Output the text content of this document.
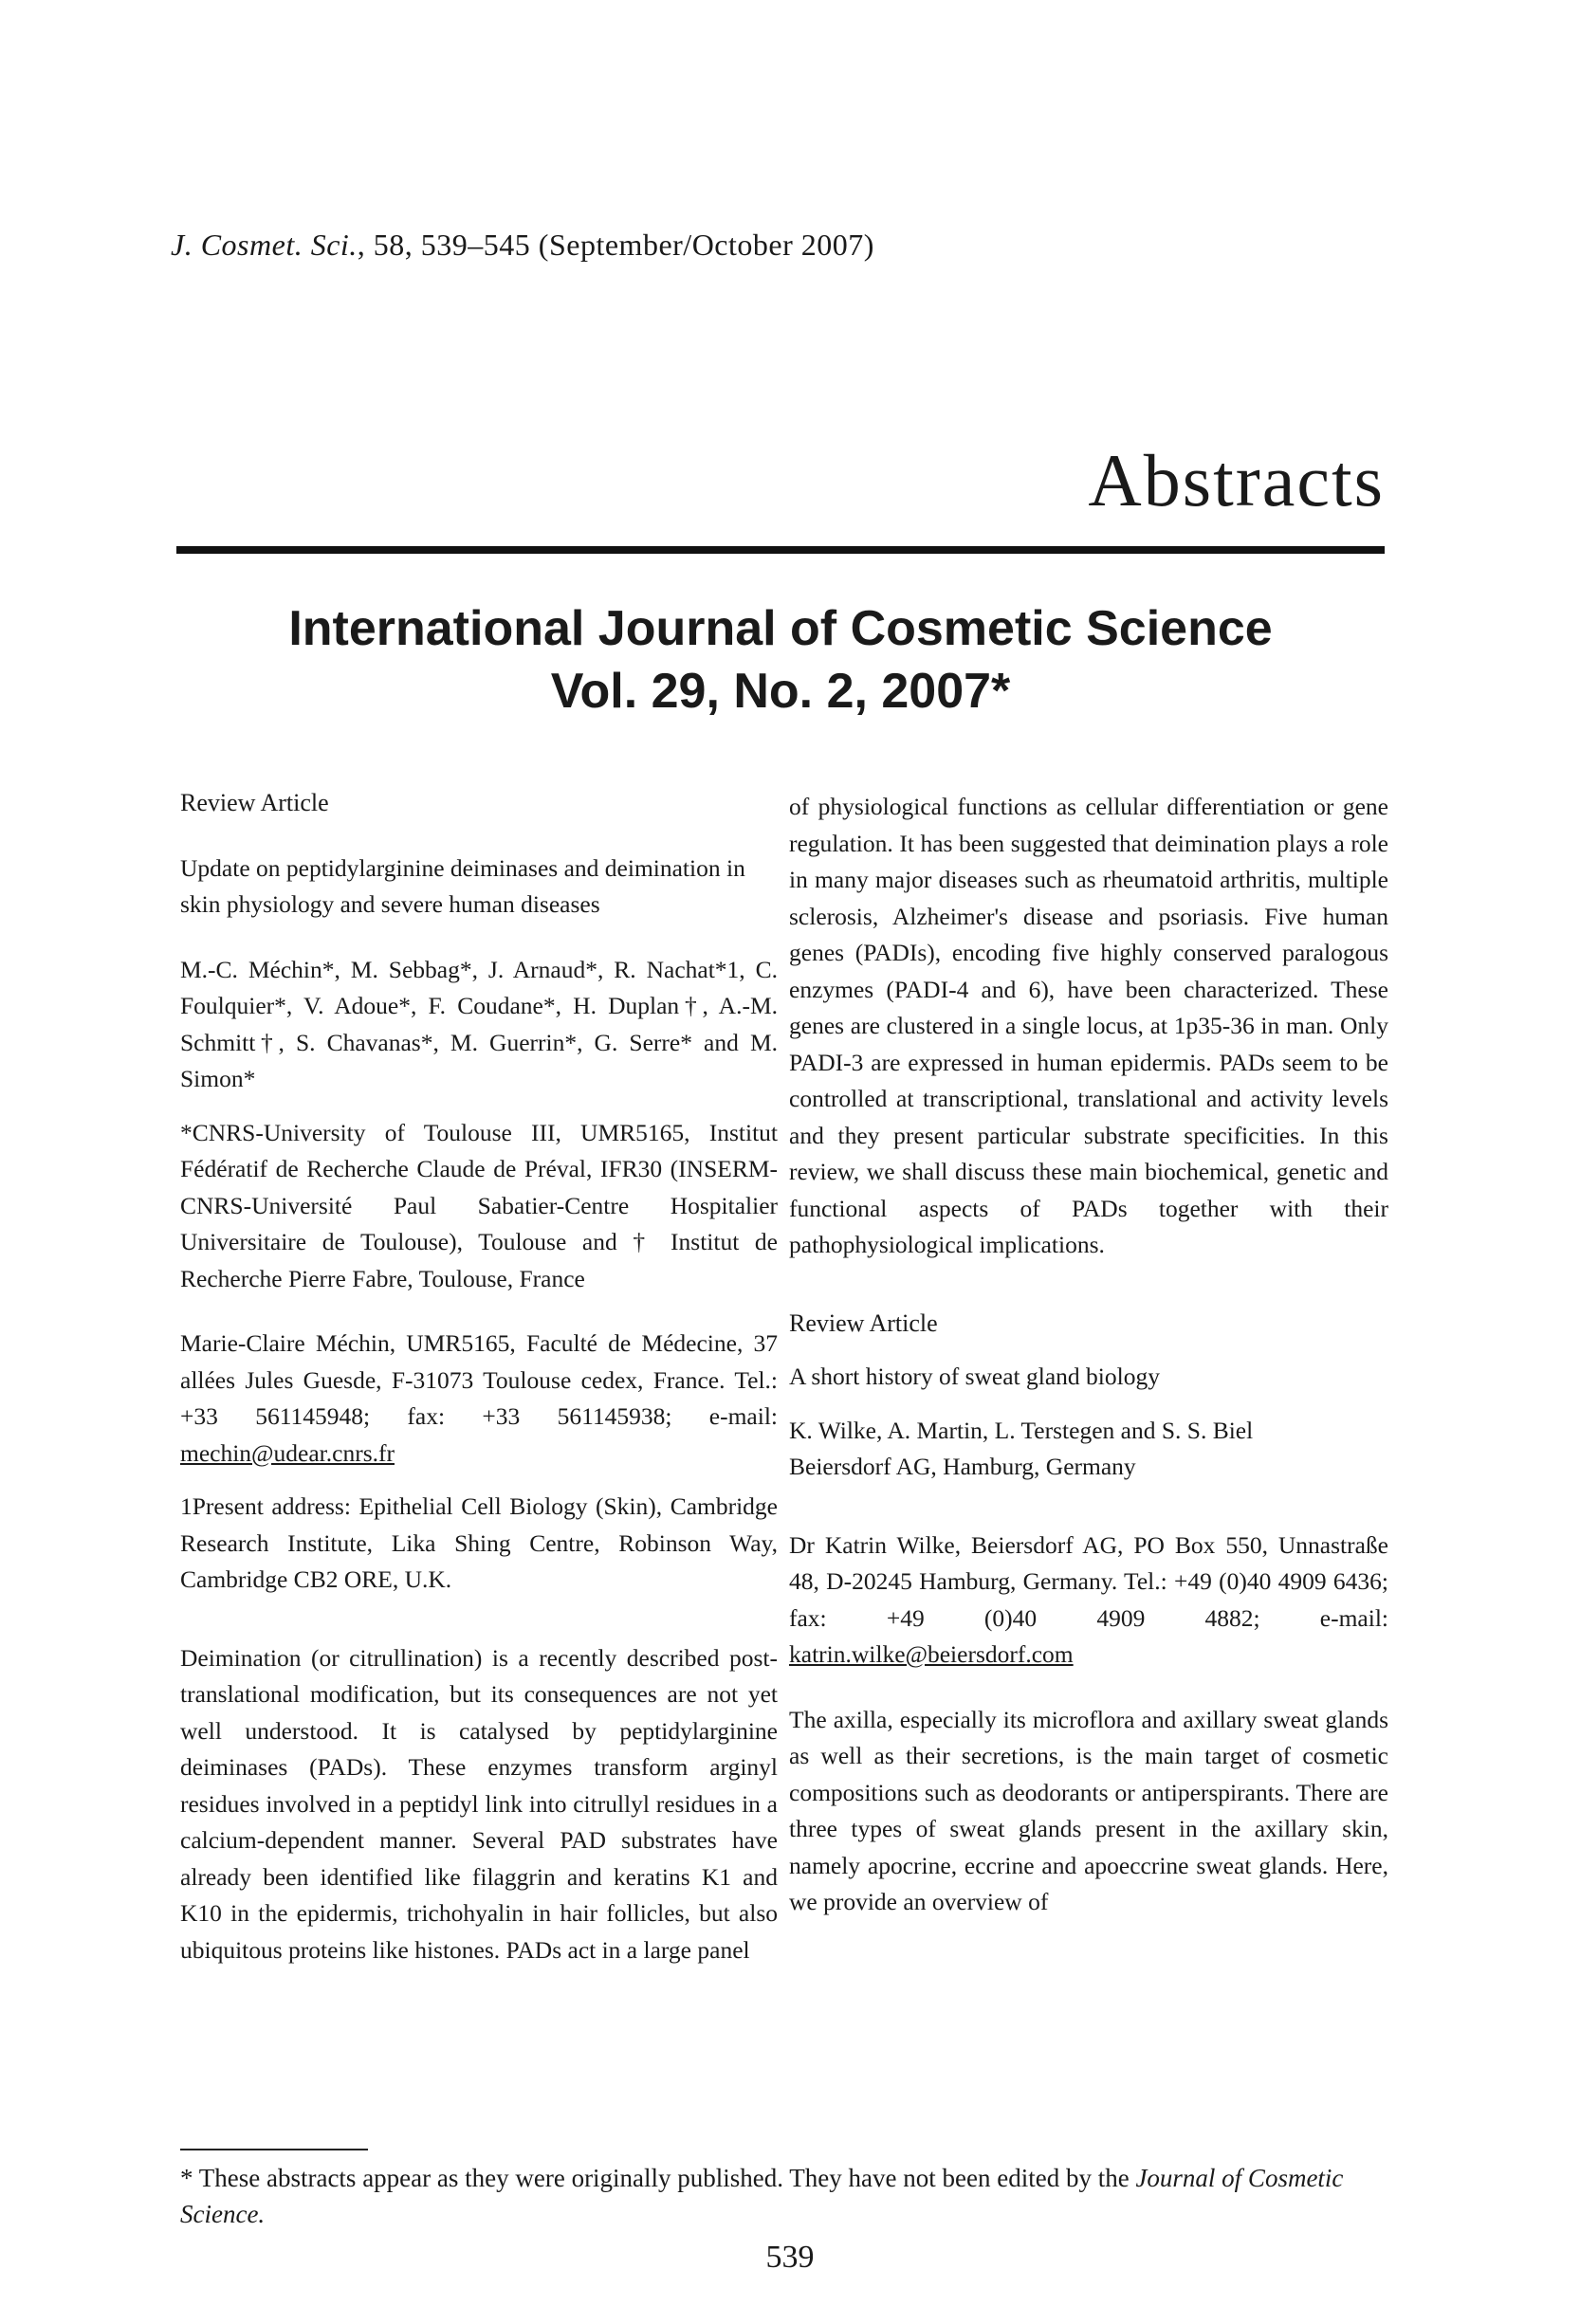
J. Cosmet. Sci., 58, 539–545 (September/October 2007)
Abstracts
International Journal of Cosmetic Science
Vol. 29, No. 2, 2007*

Review Article

Update on peptidylarginine deiminases and deimination in skin physiology and severe human diseases

M.-C. Méchin*, M. Sebbag*, J. Arnaud*, R. Nachat*1, C. Foulquier*, V. Adoue*, F. Coudane*, H. Duplan†, A.-M. Schmitt†, S. Chavanas*, M. Guerrin*, G. Serre* and M. Simon*

*CNRS-University of Toulouse III, UMR5165, Institut Fédératif de Recherche Claude de Préval, IFR30 (INSERM-CNRS-Université Paul Sabatier-Centre Hospitalier Universitaire de Toulouse), Toulouse and † Institut de Recherche Pierre Fabre, Toulouse, France

Marie-Claire Méchin, UMR5165, Faculté de Médecine, 37 allées Jules Guesde, F-31073 Toulouse cedex, France. Tel.: +33 561145948; fax: +33 561145938; e-mail: mechin@udear.cnrs.fr

1Present address: Epithelial Cell Biology (Skin), Cambridge Research Institute, Lika Shing Centre, Robinson Way, Cambridge CB2 ORE, U.K.

Deimination (or citrullination) is a recently described post-translational modification, but its consequences are not yet well understood. It is catalysed by peptidylarginine deiminases (PADs). These enzymes transform arginyl residues involved in a peptidyl link into citrullyl residues in a calcium-dependent manner. Several PAD substrates have already been identified like filaggrin and keratins K1 and K10 in the epidermis, trichohyalin in hair follicles, but also ubiquitous proteins like histones. PADs act in a large panel

of physiological functions as cellular differentiation or gene regulation. It has been suggested that deimination plays a role in many major diseases such as rheumatoid arthritis, multiple sclerosis, Alzheimer's disease and psoriasis. Five human genes (PADIs), encoding five highly conserved paralogous enzymes (PADI-4 and 6), have been characterized. These genes are clustered in a single locus, at 1p35-36 in man. Only PADI-3 are expressed in human epidermis. PADs seem to be controlled at transcriptional, translational and activity levels and they present particular substrate specificities. In this review, we shall discuss these main biochemical, genetic and functional aspects of PADs together with their pathophysiological implications.

Review Article

A short history of sweat gland biology

K. Wilke, A. Martin, L. Terstegen and S. S. Biel

Beiersdorf AG, Hamburg, Germany

Dr Katrin Wilke, Beiersdorf AG, PO Box 550, Unnastraße 48, D-20245 Hamburg, Germany. Tel.: +49 (0)40 4909 6436; fax: +49 (0)40 4909 4882; e-mail: katrin.wilke@beiersdorf.com

The axilla, especially its microflora and axillary sweat glands as well as their secretions, is the main target of cosmetic compositions such as deodorants or antiperspirants. There are three types of sweat glands present in the axillary skin, namely apocrine, eccrine and apoeccrine sweat glands. Here, we provide an overview of

* These abstracts appear as they were originally published. They have not been edited by the Journal of Cosmetic Science.
539
